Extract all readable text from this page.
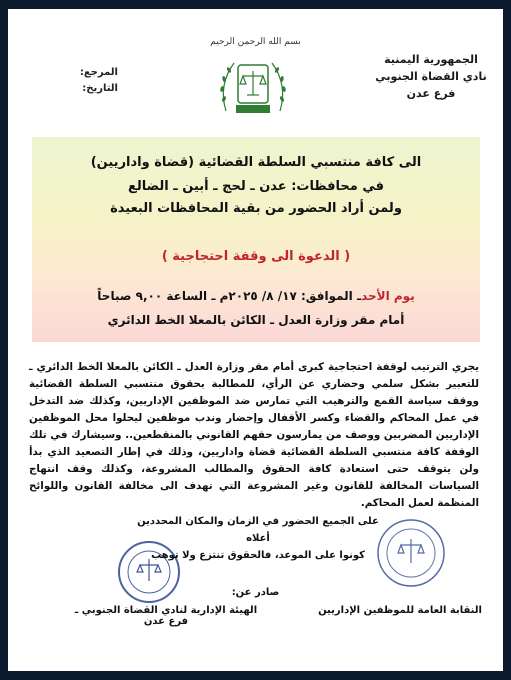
بسم الله الرحمن الرحيم
الجمهورية اليمنية
نادي القضاة الجنوبي
فرع عدن
المرجع:
التاريخ:
الى كافة منتسبي السلطة القضائية (قضاة واداريين)
في محافظات: عدن ـ لحج ـ أبين ـ الضالع
ولمن أراد الحضور من بقية المحافظات البعيدة
( الدعوة الى وقفة احتجاجية )
يوم الأحدـ الموافق: ١٧/ ٨/ ٢٠٢٥م ـ الساعة ٩,٠٠ صباحاً
أمام مقر وزارة العدل ـ الكائن بالمعلا الخط الدائري
يجري الترتيب لوقفة احتجاجية كبرى أمام مقر وزارة العدل ـ الكائن بالمعلا الخط الدائري ـ للتعبير بشكل سلمي وحضاري عن الرأي، للمطالبة بحقوق منتسبي السلطة القضائية ووقف سياسة القمع والترهيب التي تمارس ضد الموظفين الإداريين، وكذلك ضد التدخل في عمل المحاكم والقضاء وكسر الأقفال وإحضار وندب موظفين ليحلوا محل الموظفين الإداريين المضربين ووصف من يمارسون حقهم القانوني بالمنقطعين.. وسيشارك في تلك الوقفة كافة منتسبي السلطة القضائية قضاة واداريين، وذلك في إطار التصعيد الذي بدأ ولن يتوقف حتى استعادة كافة الحقوق والمطالب المشروعة، وكذلك وقف انتهاج السياسات المخالفة للقانون وغير المشروعة التي تهدف الى مخالفة القانون واللوائح المنظمة لعمل المحاكم.
على الجميع الحضور في الزمان والمكان المحددين أعلاه
كونوا على الموعد، فالحقوق تنتزع ولا توهب
صادر عن:
الهيئة الإدارية لنادي القضاة الجنوبي ـ فرع عدن
النقابة العامة للموظفين الإداريين
